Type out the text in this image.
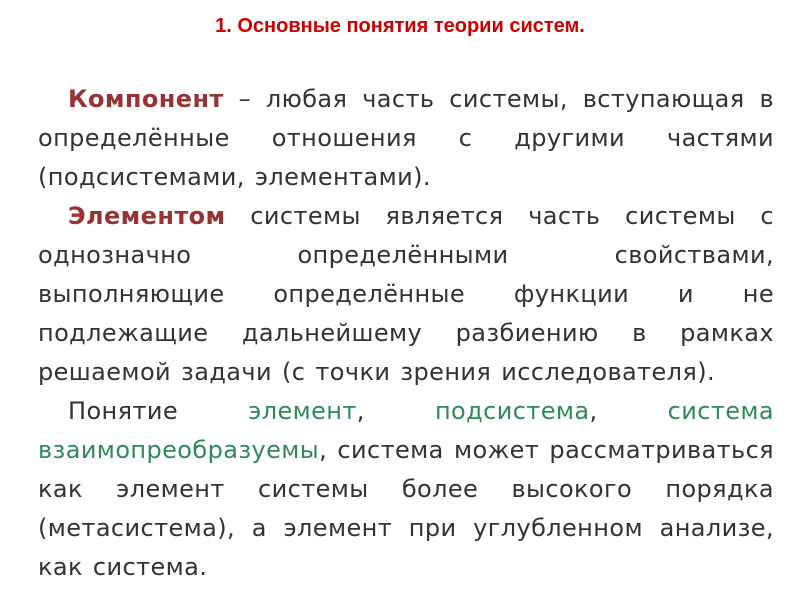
1. Основные понятия теории систем.

Компонент – любая часть системы, вступающая в определённые отношения с другими частями (подсистемами, элементами).

Элементом системы является часть системы с однозначно определёнными свойствами, выполняющие определённые функции и не подлежащие дальнейшему разбиению в рамках решаемой задачи (с точки зрения исследователя).

Понятие элемент, подсистема, система взаимопреобразуемы, система может рассматриваться как элемент системы более высокого порядка (метасистема), а элемент при углубленном анализе, как система.
